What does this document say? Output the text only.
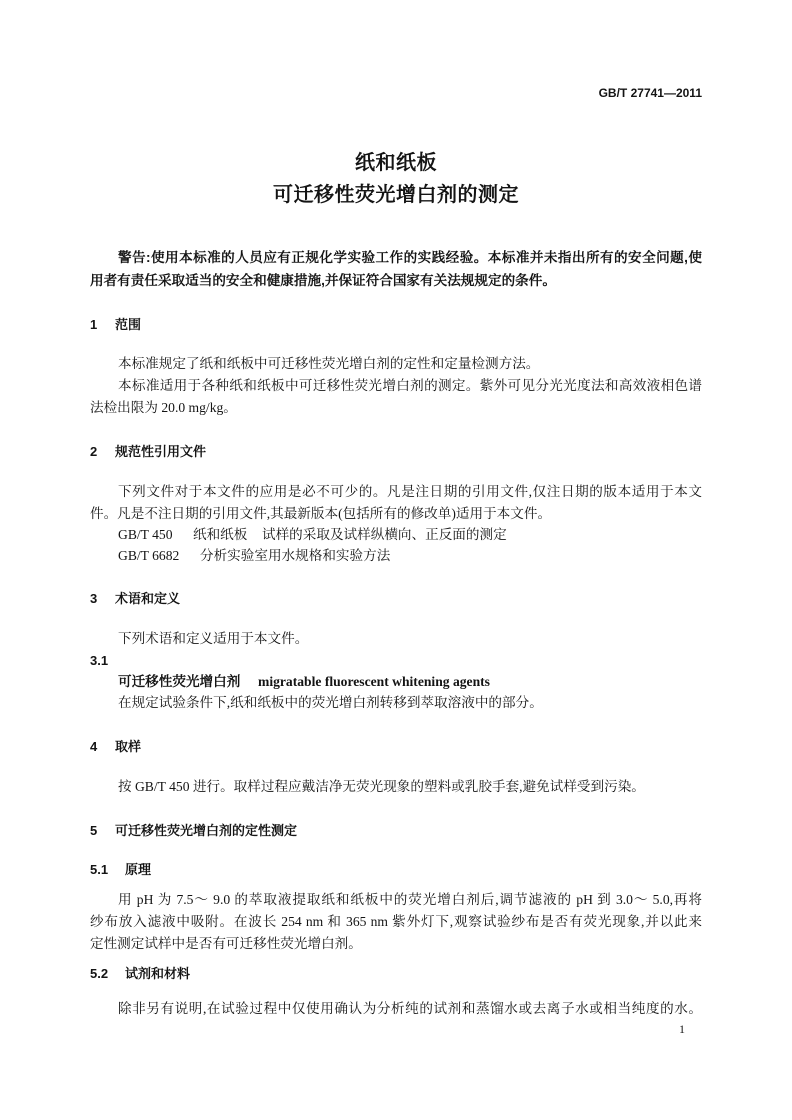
GB/T 27741—2011
纸和纸板
可迁移性荧光增白剂的测定
警告:使用本标准的人员应有正规化学实验工作的实践经验。本标准并未指出所有的安全问题,使
用者有责任采取适当的安全和健康措施,并保证符合国家有关法规规定的条件。
1 范围
本标准规定了纸和纸板中可迁移性荧光增白剂的定性和定量检测方法。
本标准适用于各种纸和纸板中可迁移性荧光增白剂的测定。紫外可见分光光度法和高效液相色谱
法检出限为 20.0 mg/kg。
2 规范性引用文件
下列文件对于本文件的应用是必不可少的。凡是注日期的引用文件,仅注日期的版本适用于本文
件。凡是不注日期的引用文件,其最新版本(包括所有的修改单)适用于本文件。
GB/T 450 纸和纸板 试样的采取及试样纵横向、正反面的测定
GB/T 6682 分析实验室用水规格和实验方法
3 术语和定义
下列术语和定义适用于本文件。
3.1
可迁移性荧光增白剂 migratable fluorescent whitening agents
在规定试验条件下,纸和纸板中的荧光增白剂转移到萃取溶液中的部分。
4 取样
按 GB/T 450 进行。取样过程应戴洁净无荧光现象的塑料或乳胶手套,避免试样受到污染。
5 可迁移性荧光增白剂的定性测定
5.1 原理
用 pH 为 7.5～ 9.0 的萃取液提取纸和纸板中的荧光增白剂后,调节滤液的 pH 到 3.0～ 5.0,再将
纱布放入滤液中吸附。在波长 254 nm 和 365 nm 紫外灯下,观察试验纱布是否有荧光现象,并以此来
定性测定试样中是否有可迁移性荧光增白剂。
5.2 试剂和材料
除非另有说明,在试验过程中仅使用确认为分析纯的试剂和蒸馏水或去离子水或相当纯度的水。
1
